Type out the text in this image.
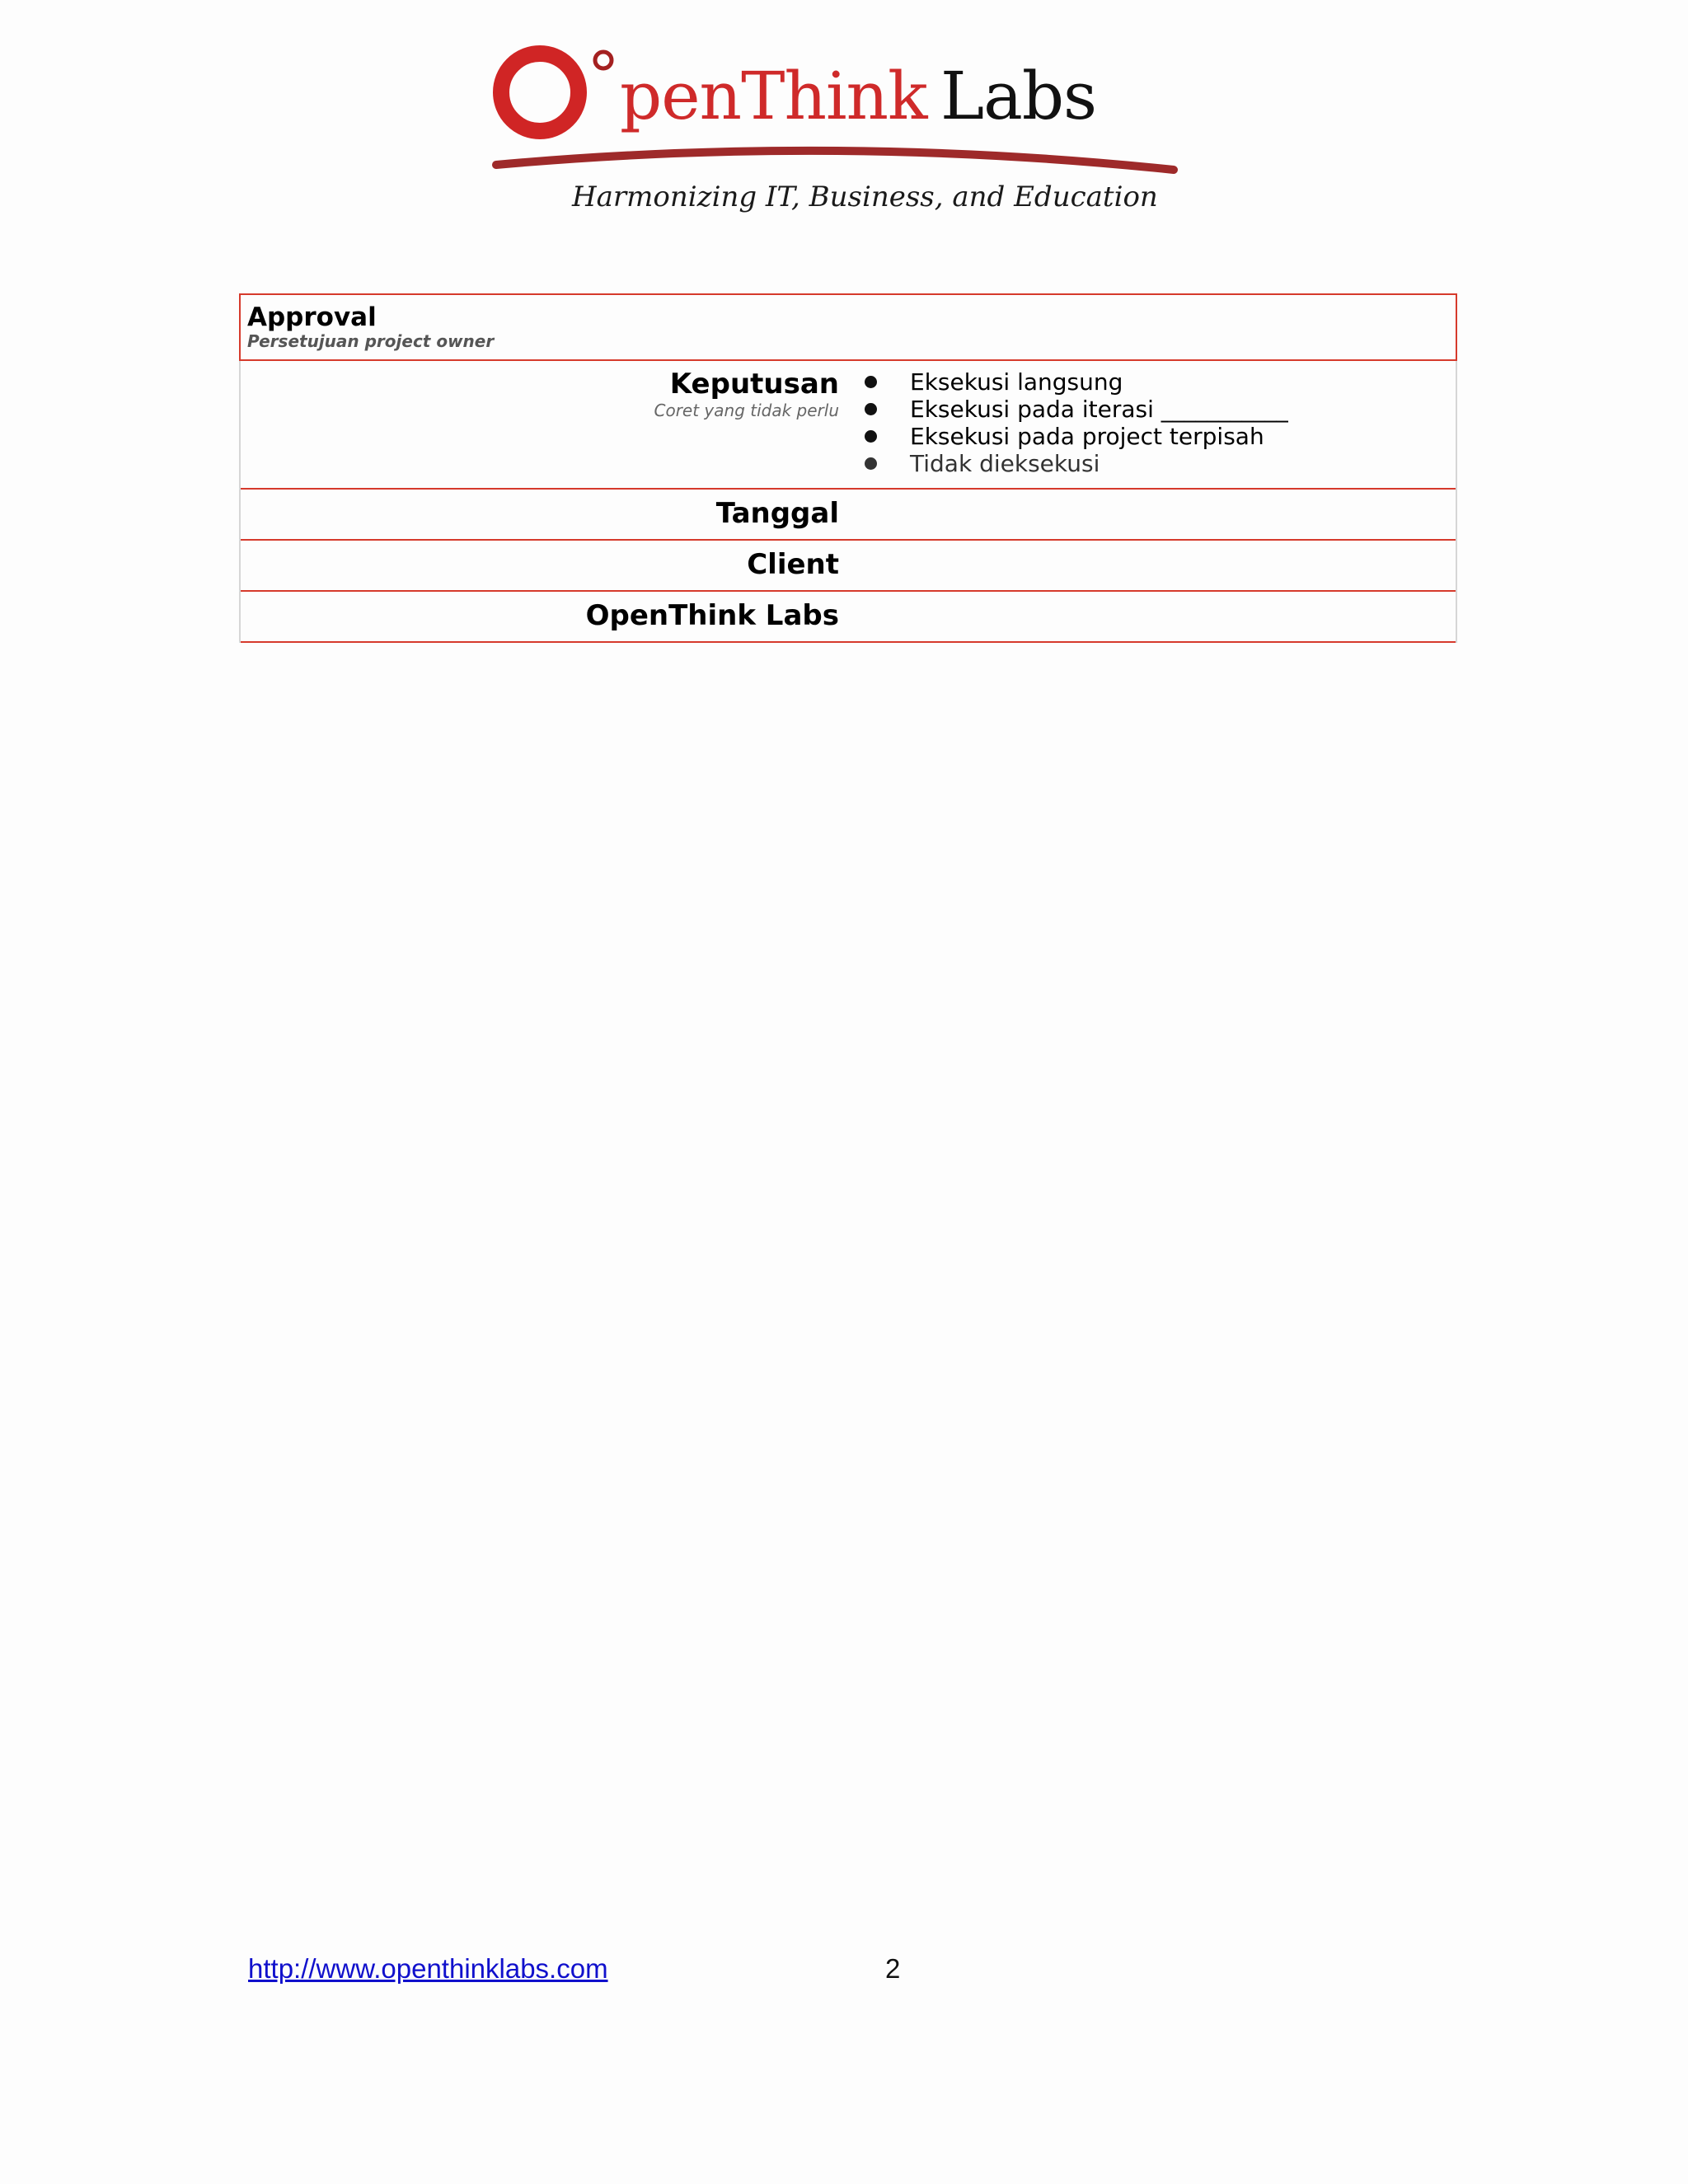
penThink Labs
Harmonizing IT, Business, and Education
Approval
Persetujuan project owner
Keputusan
Coret yang tidak perlu
Eksekusi langsung
Eksekusi pada iterasi ___________
Eksekusi pada project terpisah
Tidak dieksekusi
Tanggal
Client
OpenThink Labs
http://www.openthinklabs.com	2
